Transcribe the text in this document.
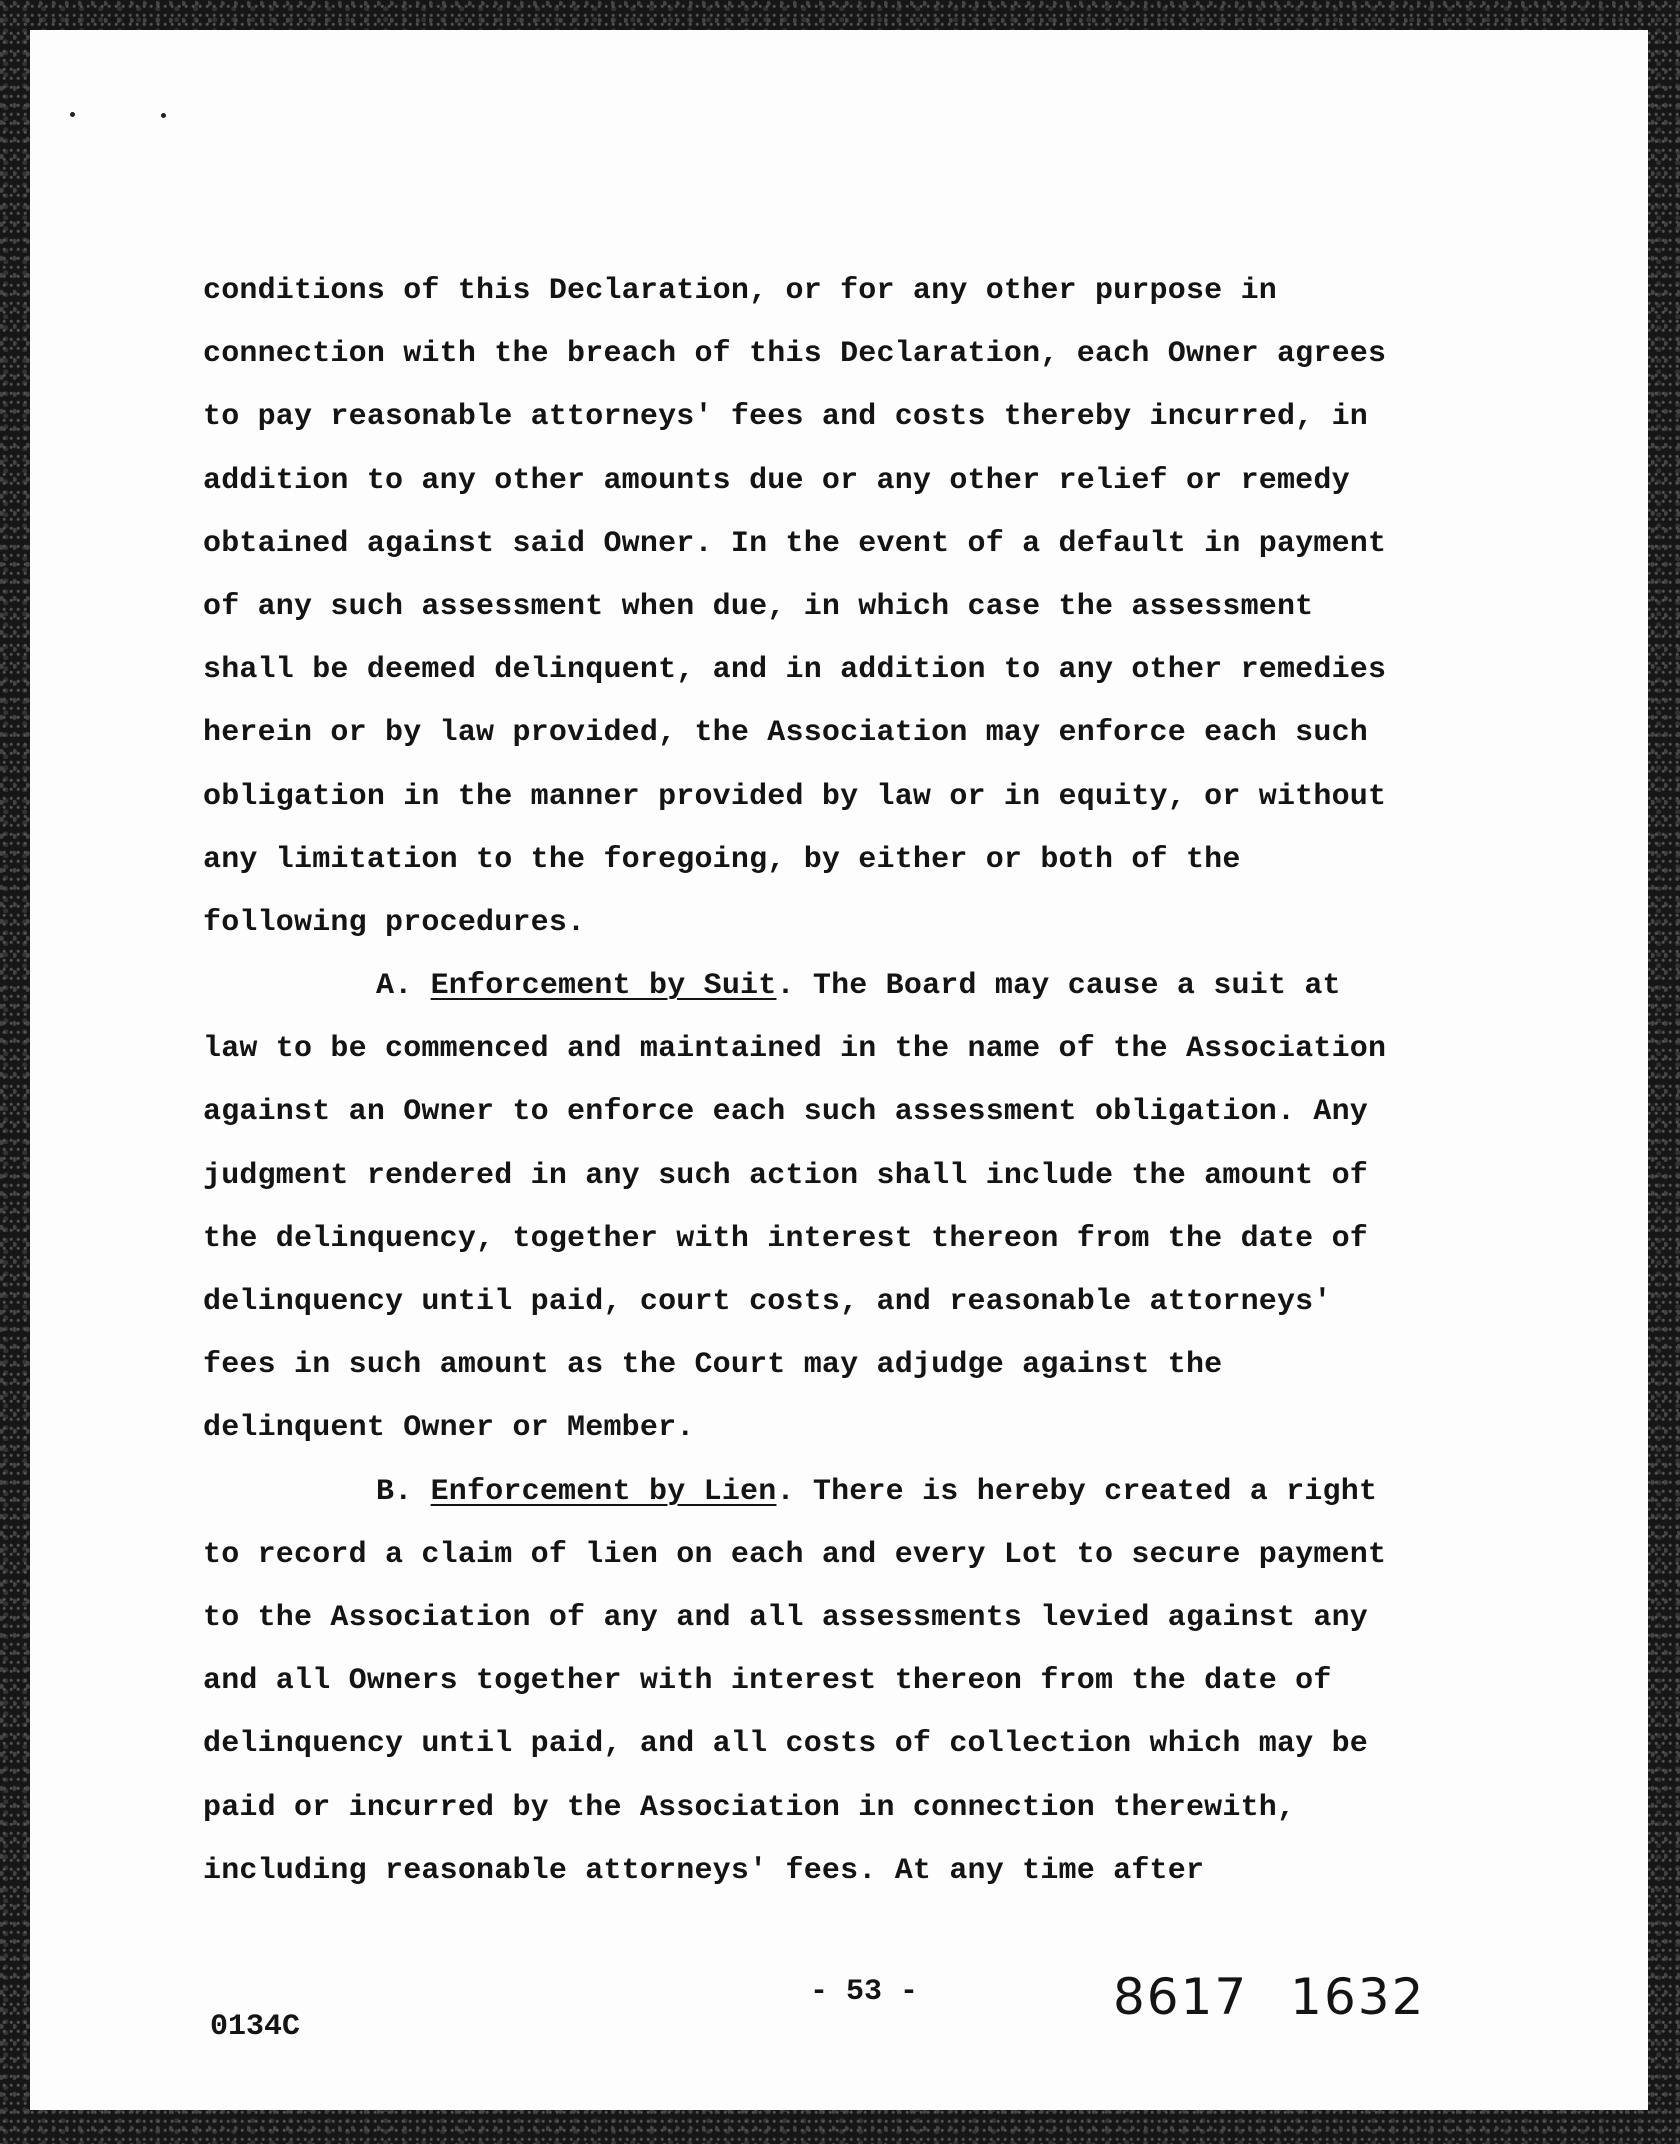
conditions of this Declaration, or for any other purpose in
connection with the breach of this Declaration, each Owner agrees
to pay reasonable attorneys' fees and costs thereby incurred, in
addition to any other amounts due or any other relief or remedy
obtained against said Owner. In the event of a default in payment
of any such assessment when due, in which case the assessment
shall be deemed delinquent, and in addition to any other remedies
herein or by law provided, the Association may enforce each such
obligation in the manner provided by law or in equity, or without
any limitation to the foregoing, by either or both of the
following procedures.
A. Enforcement by Suit. The Board may cause a suit at
law to be commenced and maintained in the name of the Association
against an Owner to enforce each such assessment obligation. Any
judgment rendered in any such action shall include the amount of
the delinquency, together with interest thereon from the date of
delinquency until paid, court costs, and reasonable attorneys'
fees in such amount as the Court may adjudge against the
delinquent Owner or Member.
B. Enforcement by Lien. There is hereby created a right
to record a claim of lien on each and every Lot to secure payment
to the Association of any and all assessments levied against any
and all Owners together with interest thereon from the date of
delinquency until paid, and all costs of collection which may be
paid or incurred by the Association in connection therewith,
including reasonable attorneys' fees. At any time after
- 53 -
0134C
8617 1632
